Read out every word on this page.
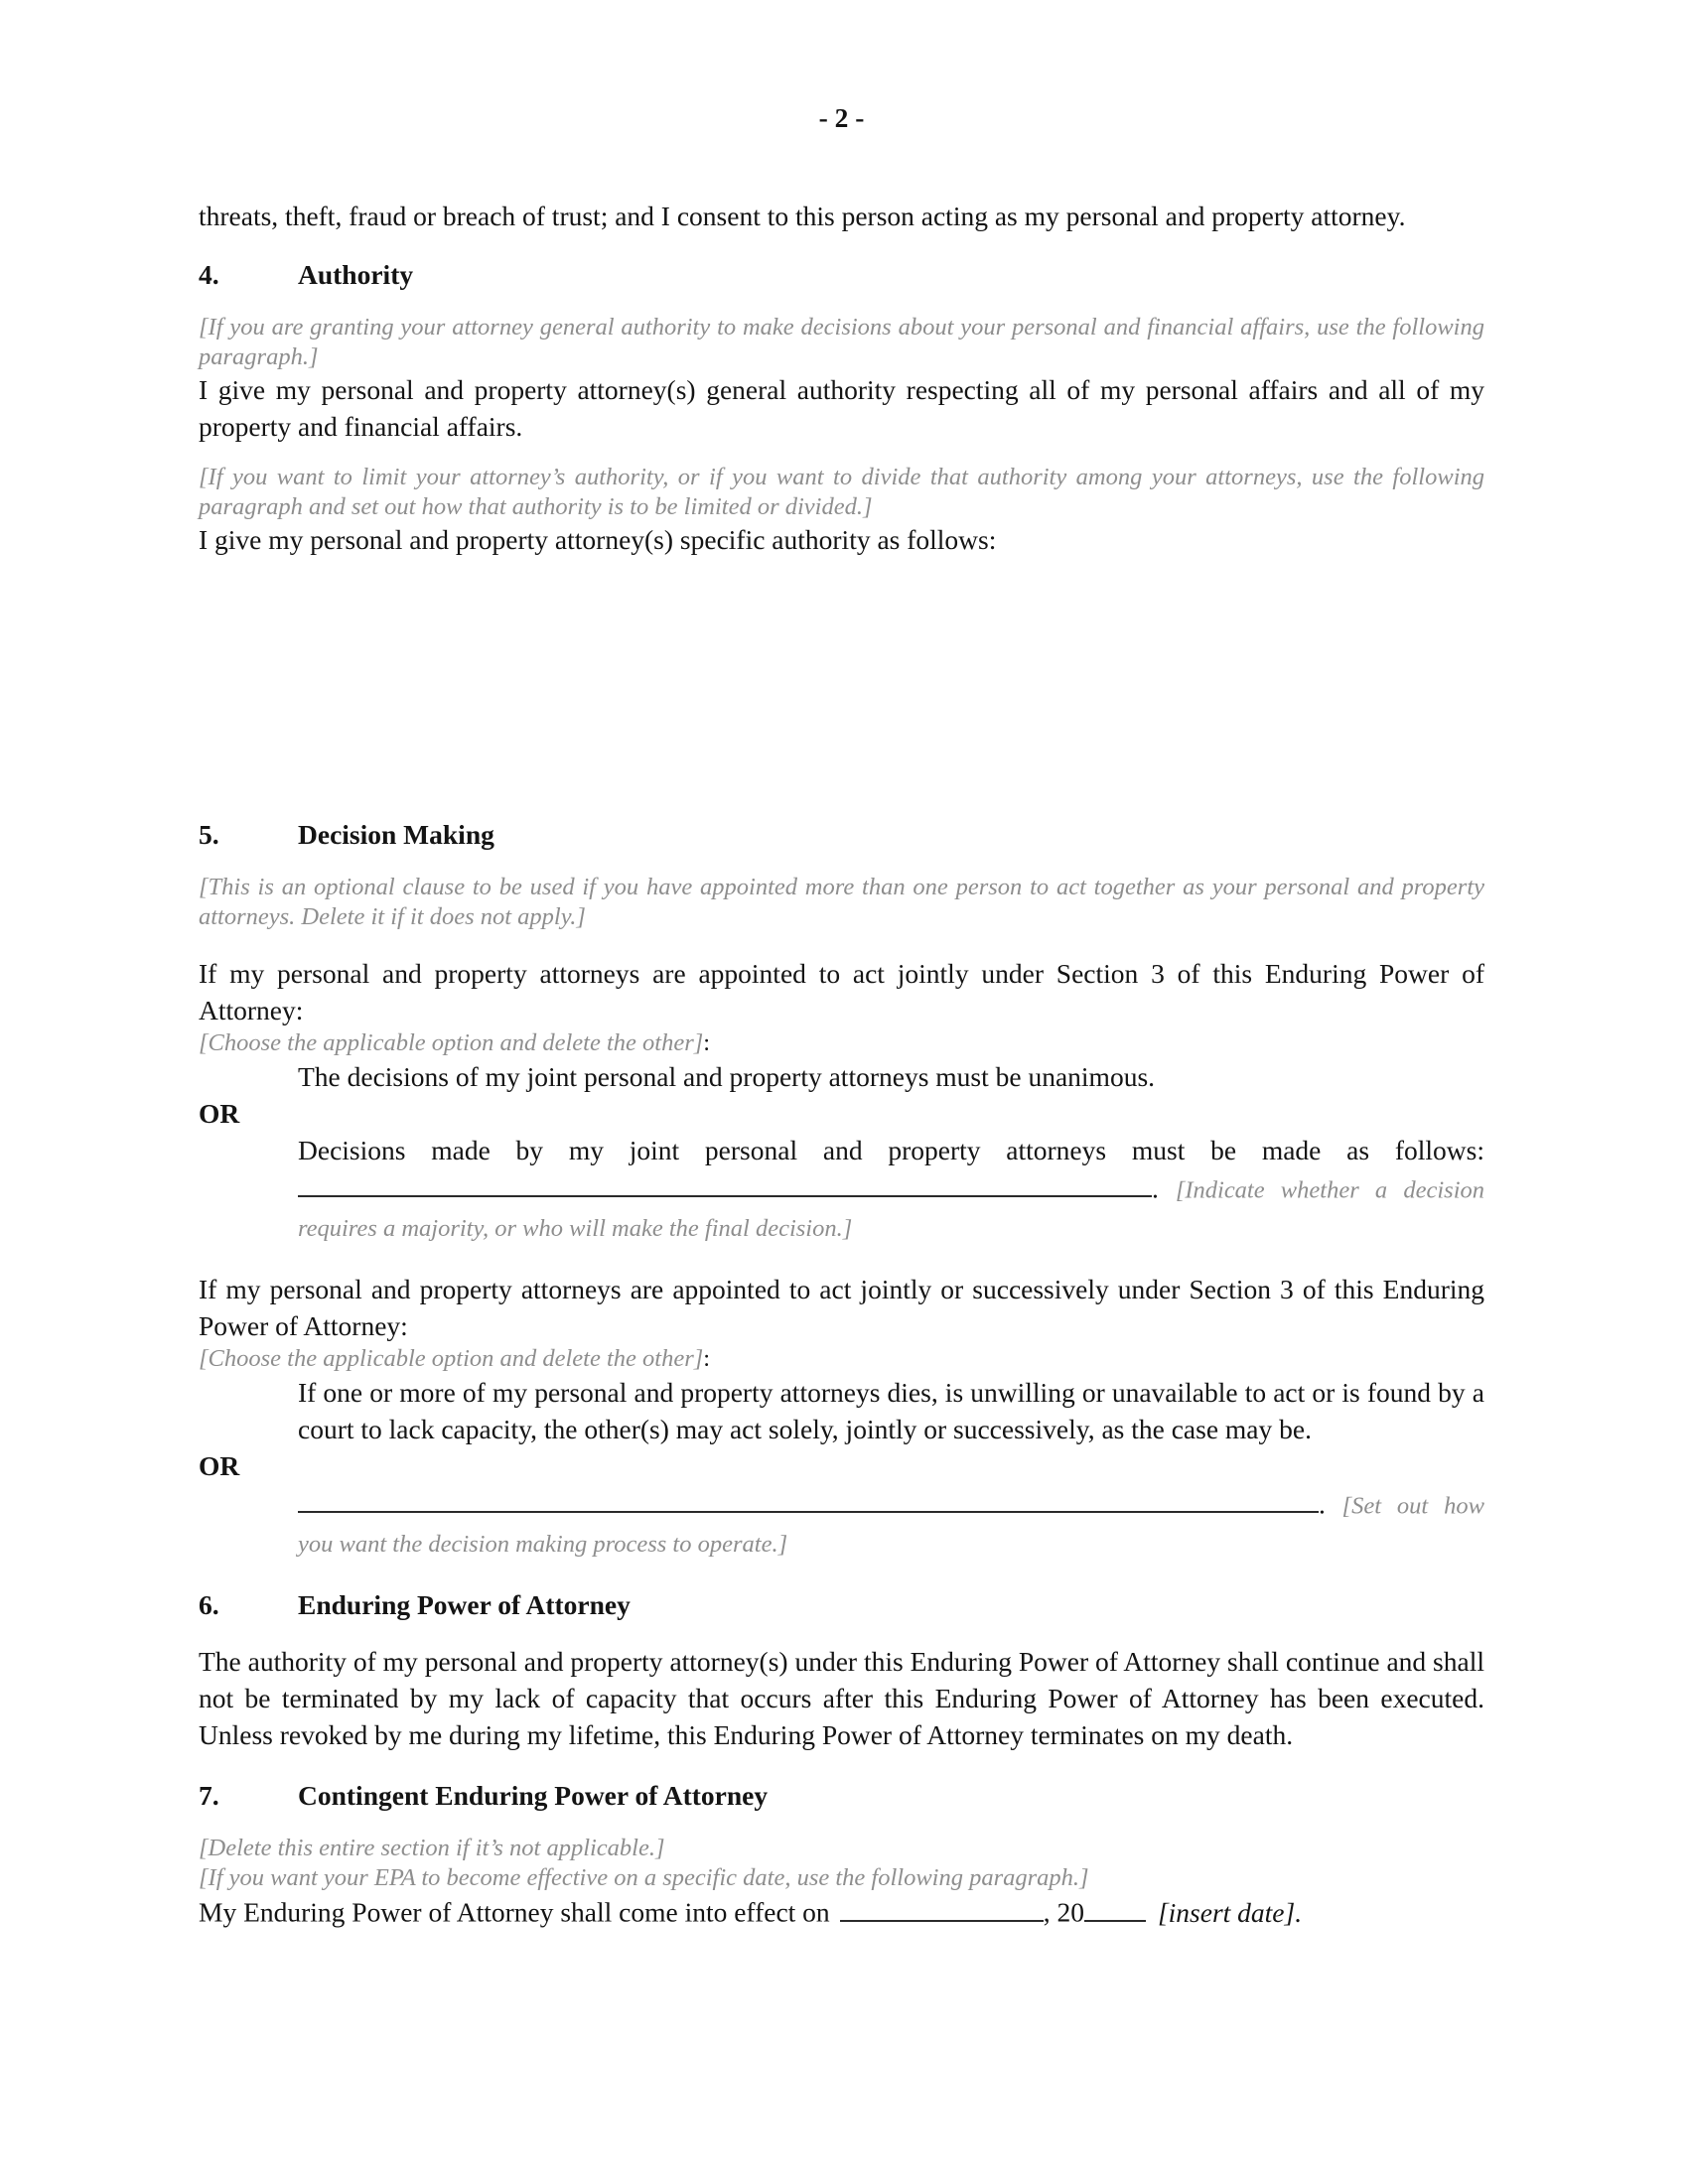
- 2 -

threats, theft, fraud or breach of trust; and I consent to this person acting as my personal and property attorney.

4.	Authority

[If you are granting your attorney general authority to make decisions about your personal and financial affairs, use the following paragraph.]

I give my personal and property attorney(s) general authority respecting all of my personal affairs and all of my property and financial affairs.

[If you want to limit your attorney’s authority, or if you want to divide that authority among your attorneys, use the following paragraph and set out how that authority is to be limited or divided.]

I give my personal and property attorney(s) specific authority as follows:

5.	Decision Making

[This is an optional clause to be used if you have appointed more than one person to act together as your personal and property attorneys. Delete it if it does not apply.]

If my personal and property attorneys are appointed to act jointly under Section 3 of this Enduring Power of Attorney:

[Choose the applicable option and delete the other]:

The decisions of my joint personal and property attorneys must be unanimous.

OR

Decisions made by my joint personal and property attorneys must be made as follows: . [Indicate whether a decision requires a majority, or who will make the final decision.]

If my personal and property attorneys are appointed to act jointly or successively under Section 3 of this Enduring Power of Attorney:

[Choose the applicable option and delete the other]:

If one or more of my personal and property attorneys dies, is unwilling or unavailable to act or is found by a court to lack capacity, the other(s) may act solely, jointly or successively, as the case may be.

OR

. [Set out how you want the decision making process to operate.]

6.	Enduring Power of Attorney

The authority of my personal and property attorney(s) under this Enduring Power of Attorney shall continue and shall not be terminated by my lack of capacity that occurs after this Enduring Power of Attorney has been executed. Unless revoked by me during my lifetime, this Enduring Power of Attorney terminates on my death.

7.	Contingent Enduring Power of Attorney

[Delete this entire section if it’s not applicable.]

[If you want your EPA to become effective on a specific date, use the following paragraph.]

My Enduring Power of Attorney shall come into effect on	, 20	[insert date].
